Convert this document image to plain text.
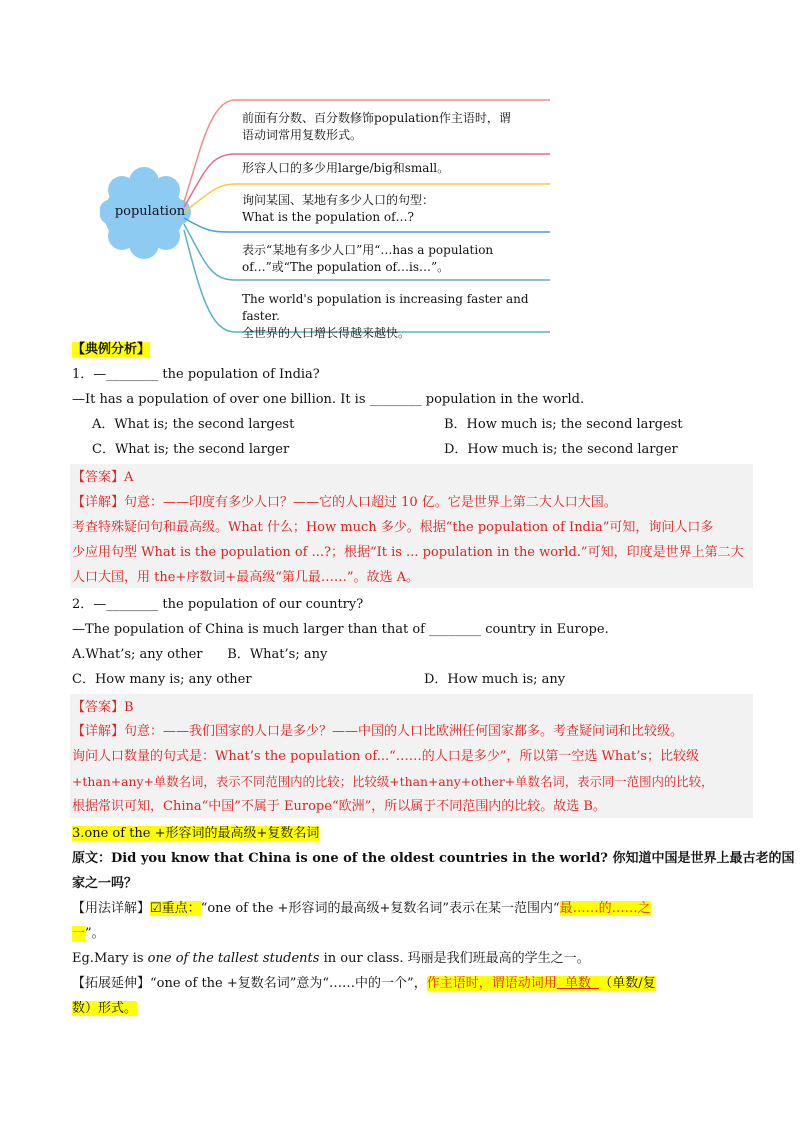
population
前面有分数、百分数修饰population作主语时，谓
语动词常用复数形式。
形容人口的多少用large/big和small。
询问某国、某地有多少人口的句型：
What is the population of…?
表示“某地有多少人口”用“…has a population
of…”或“The population of…is…”。
The world's population is increasing faster and faster.
全世界的人口增长得越来越快。
【典例分析】
1．—________ the population of India?
—It has a population of over one billion. It is ________ population in the world.
A．What is; the second largest	B．How much is; the second largest
C．What is; the second larger	D．How much is; the second larger
【答案】A
【详解】句意：——印度有多少人口？——它的人口超过 10 亿。它是世界上第二大人口大国。
考查特殊疑问句和最高级。What 什么；How much 多少。根据“the population of India”可知，询问人口多
少应用句型 What is the population of ...?；根据“It is ... population in the world.”可知，印度是世界上第二大
人口大国，用 the+序数词+最高级“第几最……”。故选 A。
2．—________ the population of our country?
—The population of China is much larger than that of ________ country in Europe.
A.What’s; any other      B．What’s; any
C．How many is; any other	D．How much is; any
【答案】B
【详解】句意：——我们国家的人口是多少？——中国的人口比欧洲任何国家都多。考查疑问词和比较级。
询问人口数量的句式是：What’s the population of...“……的人口是多少”，所以第一空选 What’s；比较级
+than+any+单数名词，表示不同范围内的比较；比较级+than+any+other+单数名词，表示同一范围内的比较，
根据常识可知，China“中国”不属于 Europe“欧洲”，所以属于不同范围内的比较。故选 B。
3.one of the +形容词的最高级+复数名词
原文：Did you know that China is one of the oldest countries in the world? 你知道中国是世界上最古老的国
家之一吗？
【用法详解】☑重点：“one of the +形容词的最高级+复数名词”表示在某一范围内“最……的……之
一”。
Eg.Mary is one of the tallest students in our class. 玛丽是我们班最高的学生之一。
【拓展延伸】“one of the +复数名词”意为“……中的一个”，作主语时，谓语动词用  单数  （单数/复
数）形式。
